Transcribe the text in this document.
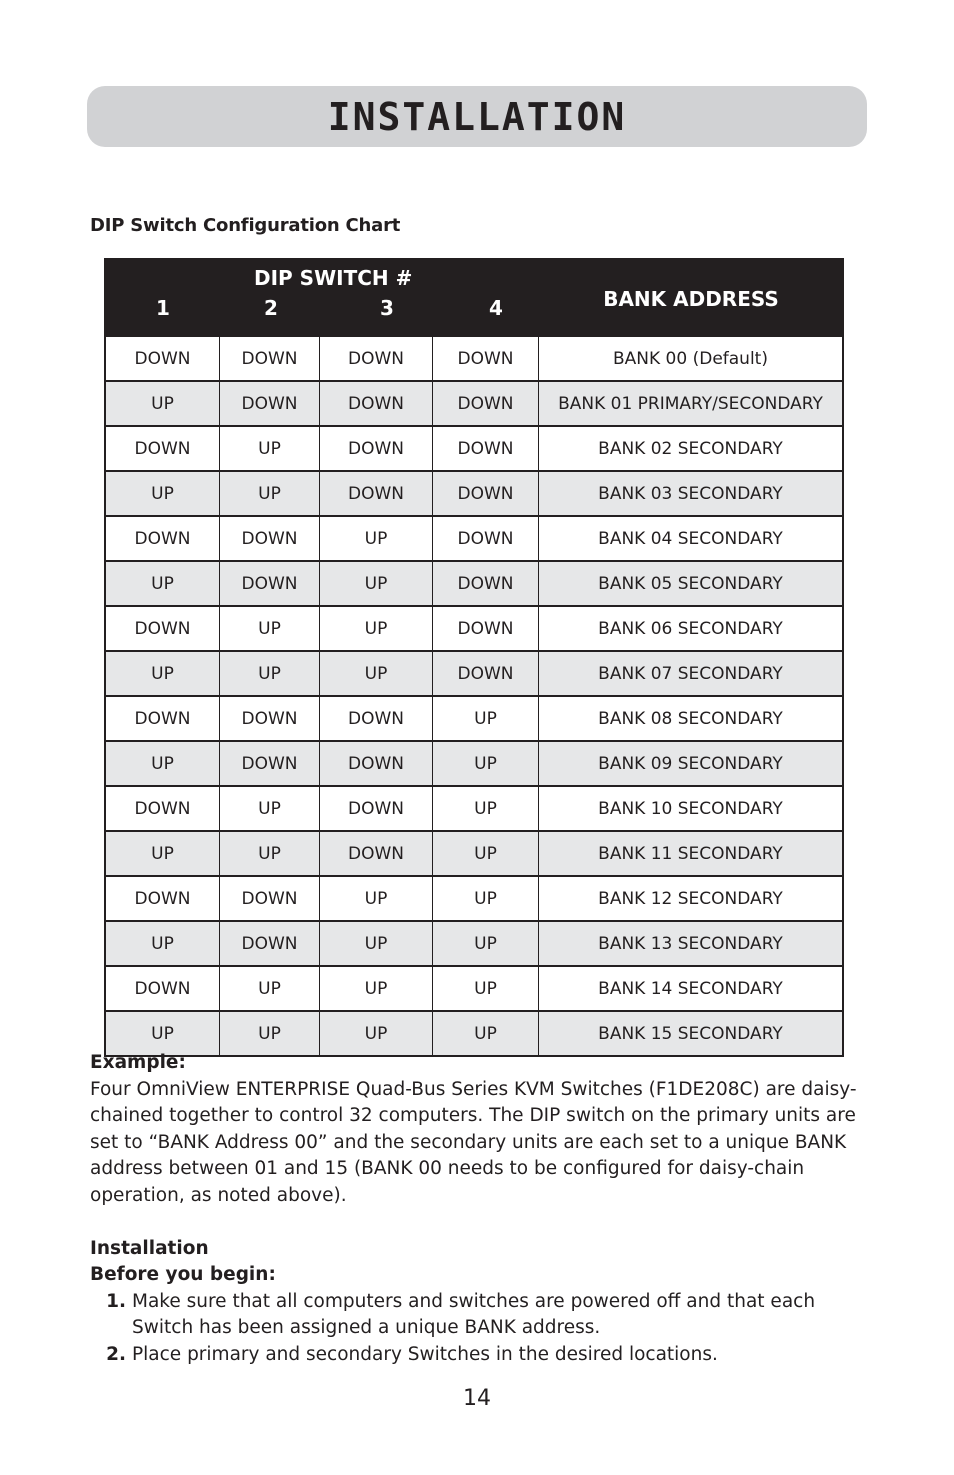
INSTALLATION
DIP Switch Configuration Chart
DIP SWITCH #
1	2	3	4	BANK ADDRESS
DOWN	DOWN	DOWN	DOWN	BANK 00 (Default)
UP	DOWN	DOWN	DOWN	BANK 01 PRIMARY/SECONDARY
DOWN	UP	DOWN	DOWN	BANK 02 SECONDARY
UP	UP	DOWN	DOWN	BANK 03 SECONDARY
DOWN	DOWN	UP	DOWN	BANK 04 SECONDARY
UP	DOWN	UP	DOWN	BANK 05 SECONDARY
DOWN	UP	UP	DOWN	BANK 06 SECONDARY
UP	UP	UP	DOWN	BANK 07 SECONDARY
DOWN	DOWN	DOWN	UP	BANK 08 SECONDARY
UP	DOWN	DOWN	UP	BANK 09 SECONDARY
DOWN	UP	DOWN	UP	BANK 10 SECONDARY
UP	UP	DOWN	UP	BANK 11 SECONDARY
DOWN	DOWN	UP	UP	BANK 12 SECONDARY
UP	DOWN	UP	UP	BANK 13 SECONDARY
DOWN	UP	UP	UP	BANK 14 SECONDARY
UP	UP	UP	UP	BANK 15 SECONDARY

Example:

Four OmniView ENTERPRISE Quad-Bus Series KVM Switches (F1DE208C) are daisy-chained together to control 32 computers. The DIP switch on the primary units are set to “BANK Address 00” and the secondary units are each set to a unique BANK address between 01 and 15 (BANK 00 needs to be configured for daisy-chain operation, as noted above).

Installation

Before you begin:

1. Make sure that all computers and switches are powered off and that each Switch has been assigned a unique BANK address.
2. Place primary and secondary Switches in the desired locations.
14
